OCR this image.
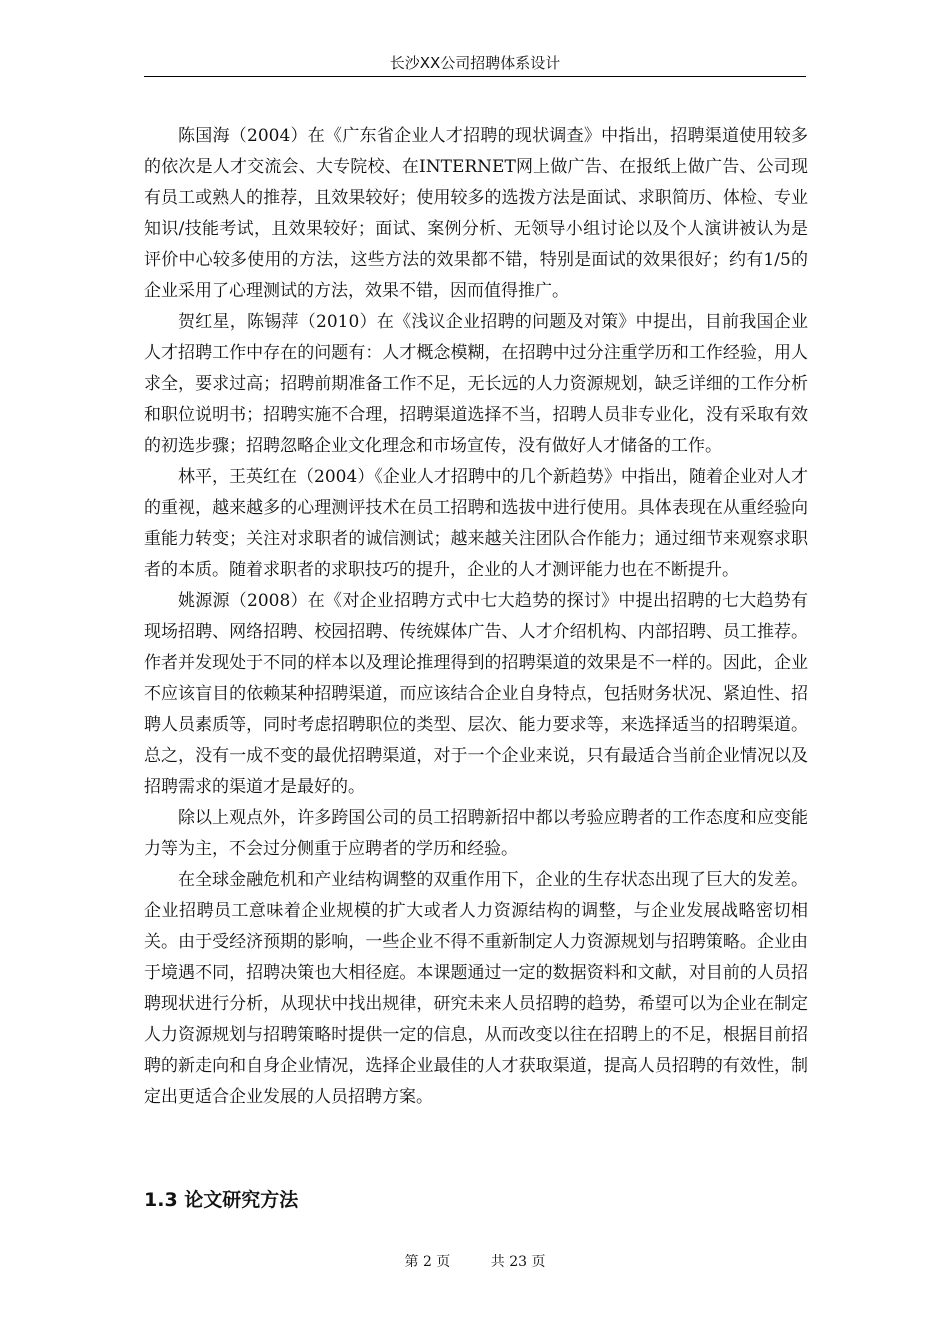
长沙XX公司招聘体系设计

陈国海（2004）在《广东省企业人才招聘的现状调查》中指出，招聘渠道使用较多的依次是人才交流会、大专院校、在INTERNET网上做广告、在报纸上做广告、公司现有员工或熟人的推荐，且效果较好；使用较多的选拨方法是面试、求职简历、体检、专业知识/技能考试，且效果较好；面试、案例分析、无领导小组讨论以及个人演讲被认为是评价中心较多使用的方法，这些方法的效果都不错，特别是面试的效果很好；约有1/5的企业采用了心理测试的方法，效果不错，因而值得推广。

贺红星，陈锡萍（2010）在《浅议企业招聘的问题及对策》中提出，目前我国企业人才招聘工作中存在的问题有：人才概念模糊，在招聘中过分注重学历和工作经验，用人求全，要求过高；招聘前期准备工作不足，无长远的人力资源规划，缺乏详细的工作分析和职位说明书；招聘实施不合理，招聘渠道选择不当，招聘人员非专业化，没有采取有效的初选步骤；招聘忽略企业文化理念和市场宣传，没有做好人才储备的工作。

林平，王英红在（2004）《企业人才招聘中的几个新趋势》中指出，随着企业对人才的重视，越来越多的心理测评技术在员工招聘和选拔中进行使用。具体表现在从重经验向重能力转变；关注对求职者的诚信测试；越来越关注团队合作能力；通过细节来观察求职者的本质。随着求职者的求职技巧的提升，企业的人才测评能力也在不断提升。

姚源源（2008）在《对企业招聘方式中七大趋势的探讨》中提出招聘的七大趋势有现场招聘、网络招聘、校园招聘、传统媒体广告、人才介绍机构、内部招聘、员工推荐。作者并发现处于不同的样本以及理论推理得到的招聘渠道的效果是不一样的。因此，企业不应该盲目的依赖某种招聘渠道，而应该结合企业自身特点，包括财务状况、紧迫性、招聘人员素质等，同时考虑招聘职位的类型、层次、能力要求等，来选择适当的招聘渠道。总之，没有一成不变的最优招聘渠道，对于一个企业来说，只有最适合当前企业情况以及招聘需求的渠道才是最好的。

除以上观点外，许多跨国公司的员工招聘新招中都以考验应聘者的工作态度和应变能力等为主，不会过分侧重于应聘者的学历和经验。

在全球金融危机和产业结构调整的双重作用下，企业的生存状态出现了巨大的发差。企业招聘员工意味着企业规模的扩大或者人力资源结构的调整，与企业发展战略密切相关。由于受经济预期的影响，一些企业不得不重新制定人力资源规划与招聘策略。企业由于境遇不同，招聘决策也大相径庭。本课题通过一定的数据资料和文献，对目前的人员招聘现状进行分析，从现状中找出规律，研究未来人员招聘的趋势，希望可以为企业在制定人力资源规划与招聘策略时提供一定的信息，从而改变以往在招聘上的不足，根据目前招聘的新走向和自身企业情况，选择企业最佳的人才获取渠道，提高人员招聘的有效性，制定出更适合企业发展的人员招聘方案。

1.3 论文研究方法
第 2 页	共 23 页
